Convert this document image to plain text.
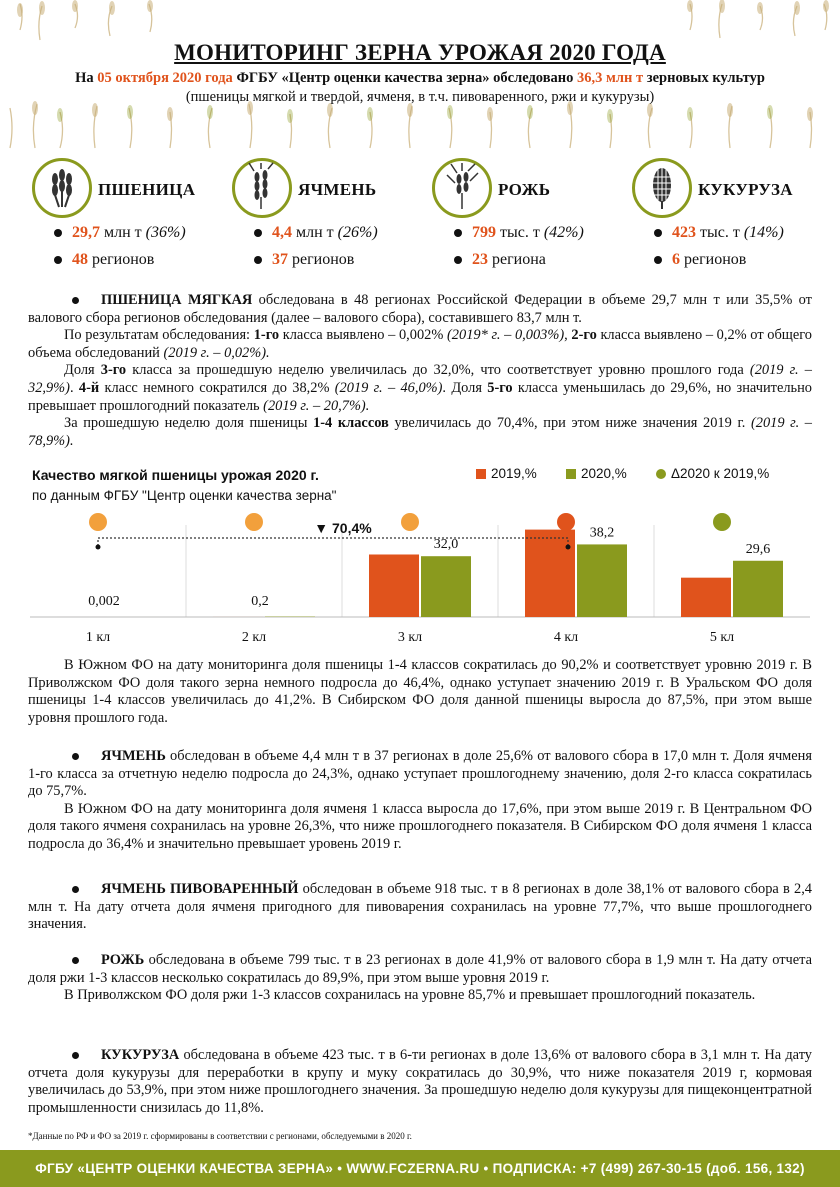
МОНИТОРИНГ ЗЕРНА УРОЖАЯ 2020 ГОДА
На 05 октября 2020 года ФГБУ «Центр оценки качества зерна» обследовано 36,3 млн т зерновых культур
(пшеницы мягкой и твердой, ячменя, в т.ч. пивоваренного, ржи и кукурузы)
ПШЕНИЦА
29,7 млн т (36%)
48 регионов
ЯЧМЕНЬ
4,4 млн т (26%)
37 регионов
РОЖЬ
799 тыс. т (42%)
23 региона
КУКУРУЗА
423 тыс. т (14%)
6 регионов

ПШЕНИЦА МЯГКАЯ обследована в 48 регионах Российской Федерации в объеме 29,7 млн т или 35,5% от валового сбора регионов обследования (далее – валового сбора), составившего 83,7 млн т.

По результатам обследования: 1-го класса выявлено – 0,002% (2019* г. – 0,003%), 2-го класса выявлено – 0,2% от общего объема обследований (2019 г. – 0,02%).

Доля 3-го класса за прошедшую неделю увеличилась до 32,0%, что соответствует уровню прошлого года (2019 г. – 32,9%). 4-й класс немного сократился до 38,2% (2019 г. – 46,0%). Доля 5-го класса уменьшилась до 29,6%, но значительно превышает прошлогодний показатель (2019 г. – 20,7%).

За прошедшую неделю доля пшеницы 1-4 классов увеличилась до 70,4%, при этом ниже значения 2019 г. (2019 г. – 78,9%).

Качество мягкой пшеницы урожая 2020 г.
по данным ФГБУ "Центр оценки качества зерна"
2019,%	2020,%	Δ2020 к 2019,%
0,002
1 кл
0,2
2 кл
32,0
3 кл
38,2
4 кл
29,6
5 кл
▼ 70,4%

В Южном ФО на дату мониторинга доля пшеницы 1-4 классов сократилась до 90,2% и соответствует уровню 2019 г. В Приволжском ФО доля такого зерна немного подросла до 46,4%, однако уступает значению 2019 г. В Уральском ФО доля пшеницы 1-4 классов увеличилась до 41,2%. В Сибирском ФО доля данной пшеницы выросла до 87,5%, при этом выше уровня прошлого года.

ЯЧМЕНЬ обследован в объеме 4,4 млн т в 37 регионах в доле 25,6% от валового сбора в 17,0 млн т. Доля ячменя 1-го класса за отчетную неделю подросла до 24,3%, однако уступает прошлогоднему значению, доля 2-го класса сократилась до 75,7%.

В Южном ФО на дату мониторинга доля ячменя 1 класса выросла до 17,6%, при этом выше 2019 г. В Центральном ФО доля такого ячменя сохранилась на уровне 26,3%, что ниже прошлогоднего показателя. В Сибирском ФО доля ячменя 1 класса подросла до 36,4% и значительно превышает уровень 2019 г.

ЯЧМЕНЬ ПИВОВАРЕННЫЙ обследован в объеме 918 тыс. т в 8 регионах в доле 38,1% от валового сбора в 2,4 млн т. На дату отчета доля ячменя пригодного для пивоварения сохранилась на уровне 77,7%, что выше прошлогоднего значения.

РОЖЬ обследована в объеме 799 тыс. т в 23 регионах в доле 41,9% от валового сбора в 1,9 млн т. На дату отчета доля ржи 1-3 классов несколько сократилась до 89,9%, при этом выше уровня 2019 г.

В Приволжском ФО доля ржи 1-3 классов сохранилась на уровне 85,7% и превышает прошлогодний показатель.

КУКУРУЗА обследована в объеме 423 тыс. т в 6-ти регионах в доле 13,6% от валового сбора в 3,1 млн т. На дату отчета доля кукурузы для переработки в крупу и муку сократилась до 30,9%, что ниже показателя 2019 г, кормовая увеличилась до 53,9%, при этом ниже прошлогоднего значения. За прошедшую неделю доля кукурузы для пищеконцентратной промышленности снизилась до 11,8%.

*Данные по РФ и ФО за 2019 г. сформированы в соответствии с регионами, обследуемыми в 2020 г.
ФГБУ «ЦЕНТР ОЦЕНКИ КАЧЕСТВА ЗЕРНА» • WWW.FCZERNA.RU • ПОДПИСКА: +7 (499) 267-30-15 (доб. 156, 132)
